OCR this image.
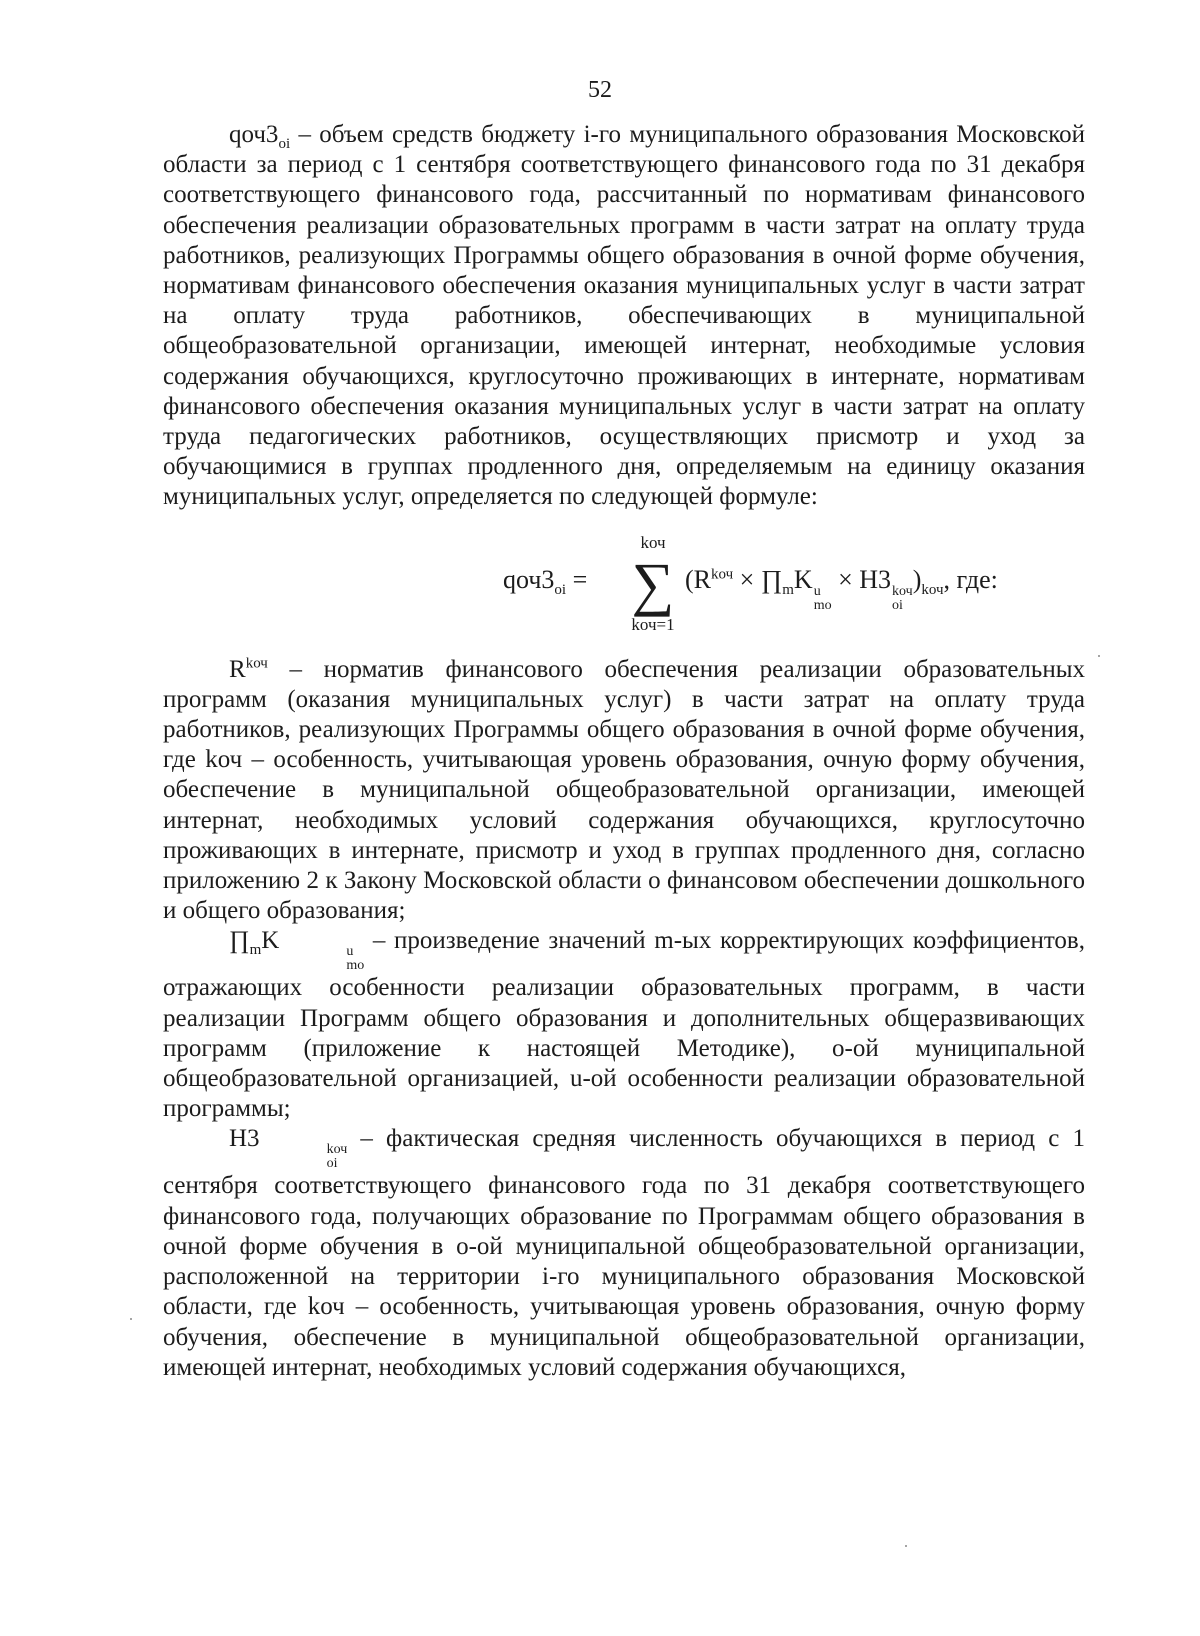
52

$qоч3_{oi}$ – объем средств бюджету i-го муниципального образования Московской области за период с 1 сентября соответствующего финансового года по 31 декабря соответствующего финансового года, рассчитанный по нормативам финансового обеспечения реализации образовательных программ в части затрат на оплату труда работников, реализующих Программы общего образования в очной форме обучения, нормативам финансового обеспечения оказания муниципальных услуг в части затрат на оплату труда работников, обеспечивающих в муниципальной общеобразовательной организации, имеющей интернат, необходимые условия содержания обучающихся, круглосуточно проживающих в интернате, нормативам финансового обеспечения оказания муниципальных услуг в части затрат на оплату труда педагогических работников, осуществляющих присмотр и уход за обучающимися в группах продленного дня, определяемым на единицу оказания муниципальных услуг, определяется по следующей формуле:

$qоч3_{oi}$ =
kоч
∑
kоч=1
($R^{kоч}$ × $\prod_mK$ u
mo
× Н3 kоч
oi
)$_{kоч}$, где:

$R^{kоч}$ – норматив финансового обеспечения реализации образовательных программ (оказания муниципальных услуг) в части затрат на оплату труда работников, реализующих Программы общего образования в очной форме обучения, где kоч – особенность, учитывающая уровень образования, очную форму обучения, обеспечение в муниципальной общеобразовательной организации, имеющей интернат, необходимых условий содержания обучающихся, круглосуточно проживающих в интернате, присмотр и уход в группах продленного дня, согласно приложению 2 к Закону Московской области о финансовом обеспечении дошкольного и общего образования;

$\prod_mK$	u
mo
– произведение значений m-ых корректирующих коэффициентов, отражающих особенности реализации образовательных программ, в части реализации Программ общего образования и дополнительных общеразвивающих программ (приложение к настоящей Методике), o-ой муниципальной общеобразовательной организацией, u-ой особенности реализации образовательной программы;

Н3	kоч
oi
– фактическая средняя численность обучающихся в период с 1 сентября соответствующего финансового года по 31 декабря соответствующего финансового года, получающих образование по Программам общего образования в очной форме обучения в o-ой муниципальной общеобразовательной организации, расположенной на территории i-го муниципального образования Московской области, где kоч – особенность, учитывающая уровень образования, очную форму обучения, обеспечение в муниципальной общеобразовательной организации, имеющей интернат, необходимых условий содержания обучающихся,
